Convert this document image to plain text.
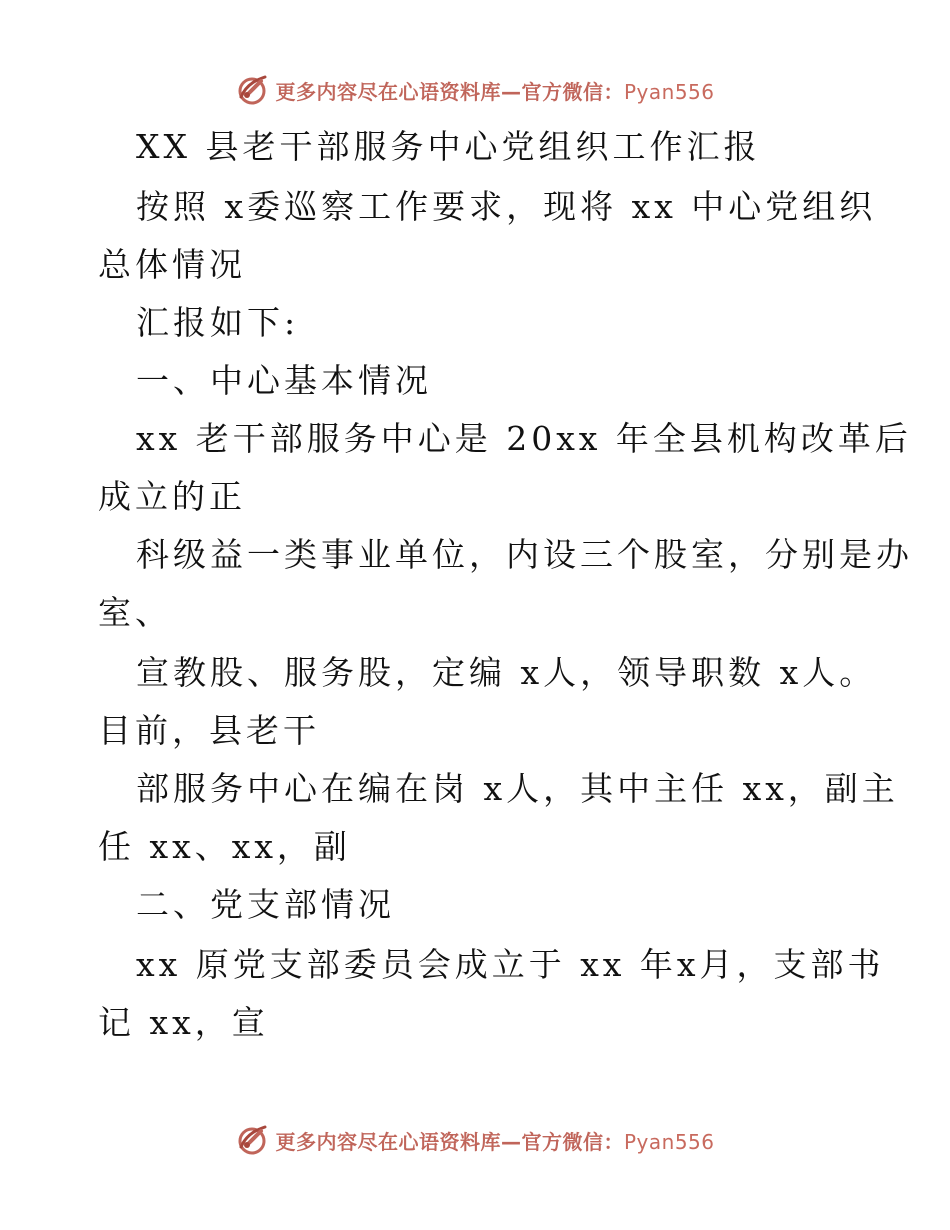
更多内容尽在心语资料库—官方微信：Pyan556
XX 县老干部服务中心党组织工作汇报
按照 x委巡察工作要求，现将 xx 中心党组织
总体情况
汇报如下:
一、中心基本情况
xx 老干部服务中心是 20xx 年全县机构改革后
成立的正
科级益一类事业单位，内设三个股室，分别是办
室、
宣教股、服务股，定编 x人，领导职数 x人。
目前，县老干
部服务中心在编在岗 x人，其中主任 xx，副主
任 xx、xx，副
二、党支部情况
xx 原党支部委员会成立于 xx 年x月，支部书
记 xx，宣
更多内容尽在心语资料库—官方微信：Pyan556
